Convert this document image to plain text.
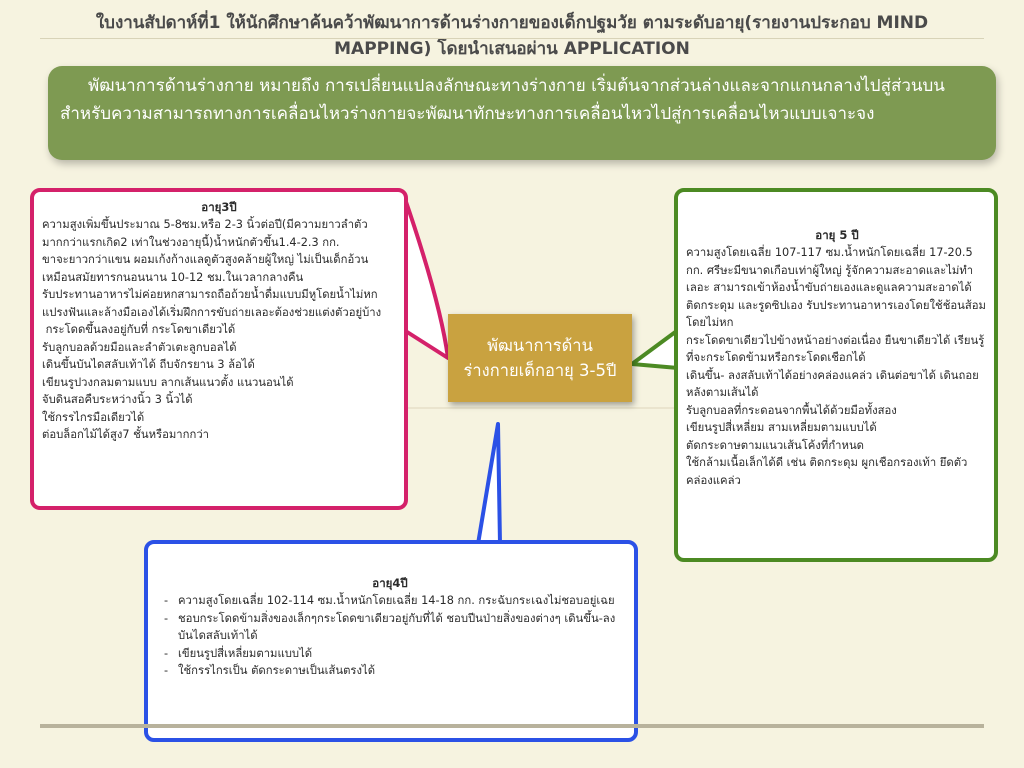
ใบงานสัปดาห์ที่1 ให้นักศึกษาค้นคว้าพัฒนาการด้านร่างกายของเด็กปฐมวัย ตามระดับอายุ(รายงานประกอบ MIND
MAPPING) โดยนำเสนอผ่าน APPLICATION
พัฒนาการด้านร่างกาย หมายถึง การเปลี่ยนแปลงลักษณะทางร่างกาย เริ่มต้นจากส่วนล่างและจากแกนกลางไปสู่ส่วนบน สำหรับความสามารถทางการเคลื่อนไหวร่างกายจะพัฒนาทักษะทางการเคลื่อนไหวไปสู่การเคลื่อนไหวแบบเจาะจง
อายุ3ปี

ความสูงเพิ่มขึ้นประมาณ 5-8ซม.หรือ 2-3 นิ้วต่อปี(มีความยาวลำตัวมากกว่าแรกเกิด2 เท่าในช่วงอายุนี้)น้ำหนักตัวขึ้น1.4-2.3 กก.

ขาจะยาวกว่าแขน ผอมเก้งก้างแลดูตัวสูงคล้ายผู้ใหญ่ ไม่เป็นเด็กอ้วนเหมือนสมัยทารกนอนนาน 10-12 ชม.ในเวลากลางคืน

รับประทานอาหารไม่ค่อยหกสามารถถือถ้วยน้ำดื่มแบบมีหูโดยน้ำไม่หก

แปรงฟันและล้างมือเองได้เริ่มฝึกการขับถ่ายเลอะต้องช่วยแต่งตัวอยู่บ้าง

กระโดดขึ้นลงอยู่กับที่ กระโดขาเดียวได้

รับลูกบอลด้วยมือและลำตัวเตะลูกบอลได้

เดินขึ้นบันไดสลับเท้าได้ ถีบจักรยาน 3 ล้อได้

เขียนรูปวงกลมตามแบบ ลากเส้นแนวตั้ง แนวนอนได้

จับดินสอคืบระหว่างนิ้ว 3 นิ้วได้

ใช้กรรไกรมือเดียวได้

ต่อบล็อกไม้ได้สูง7 ชั้นหรือมากกว่า

อายุ 5 ปี

ความสูงโดยเฉลี่ย 107-117 ซม.น้ำหนักโดยเฉลี่ย 17-20.5 กก. ศรีษะมีขนาดเกือบเท่าผู้ใหญ่ รู้จักความสะอาดและไม่ทำเลอะ สามารถเข้าห้องน้ำขับถ่ายเองและดูแลความสะอาดได้

ติดกระดุม และรูดซิปเอง รับประทานอาหารเองโดยใช้ช้อนส้อมโดยไม่หก

กระโดดขาเดียวไปข้างหน้าอย่างต่อเนื่อง ยืนขาเดียวได้ เรียนรู้ที่จะกระโดดข้ามหรือกระโดดเชือกได้

เดินขึ้น- ลงสลับเท้าได้อย่างคล่องแคล่ว เดินต่อขาได้ เดินถอยหลังตามเส้นได้

รับลูกบอลที่กระดอนจากพื้นได้ด้วยมือทั้งสอง

เขียนรูปสี่เหลี่ยม สามเหลี่ยมตามแบบได้

ตัดกระดาษตามแนวเส้นโค้งที่กำหนด

ใช้กล้ามเนื้อเล็กได้ดี เช่น ติดกระดุม ผูกเชือกรองเท้า ยึดตัว คล่องแคล่ว

อายุ4ปี
- ความสูงโดยเฉลี่ย 102-114 ซม.น้ำหนักโดยเฉลี่ย 14-18 กก. กระฉับกระเฉงไม่ชอบอยู่เฉย
- ชอบกระโดดข้ามสิ่งของเล็กๆกระโดดขาเดียวอยู่กับที่ได้ ชอบปีนป่ายสิ่งของต่างๆ เดินขึ้น-ลงบันไดสลับเท้าได้
- เขียนรูปสี่เหลี่ยมตามแบบได้
- ใช้กรรไกรเป็น ตัดกระดาษเป็นเส้นตรงได้
พัฒนาการด้าน
ร่างกายเด็กอายุ 3-5ปี
